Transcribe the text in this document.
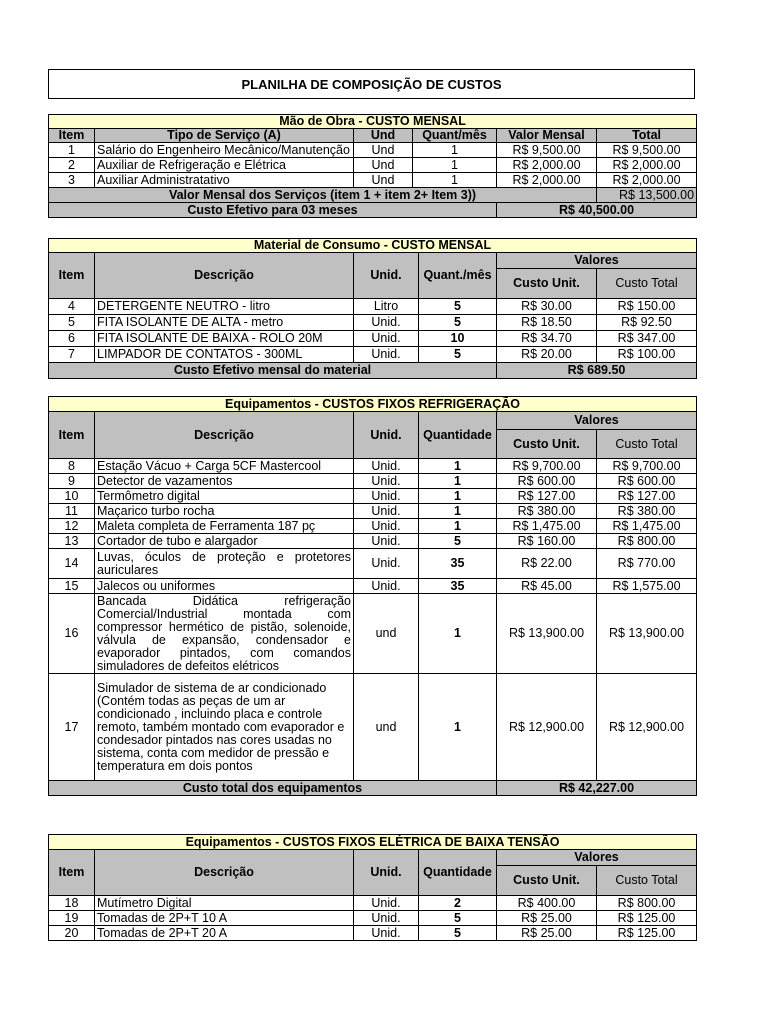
PLANILHA DE COMPOSIÇÃO DE CUSTOS
Mão de Obra - CUSTO MENSAL					
Item	Tipo de Serviço (A)	Und	Quant/mês	Valor Mensal	Total
1	Salário do Engenheiro Mecânico/Manutenção	Und	1	R$ 9,500.00	R$ 9,500.00
2	Auxiliar de Refrigeração e Elétrica	Und	1	R$ 2,000.00	R$ 2,000.00
3	Auxiliar Administratativo	Und	1	R$ 2,000.00	R$ 2,000.00
Valor Mensal dos Serviços (item 1 + item 2+ Item 3))					R$ 13,500.00
Custo Efetivo para 03 meses				R$ 40,500.00	
Material de Consumo - CUSTO MENSAL					
Item	Descrição	Unid.	Quant./mês	Valores	
				Custo Unit.	Custo Total
4	DETERGENTE NEUTRO - litro	Litro	5	R$ 30.00	R$ 150.00
5	FITA ISOLANTE DE ALTA - metro	Unid.	5	R$ 18.50	R$ 92.50
6	FITA ISOLANTE DE BAIXA - ROLO 20M	Unid.	10	R$ 34.70	R$ 347.00
7	LIMPADOR DE CONTATOS - 300ML	Unid.	5	R$ 20.00	R$ 100.00
Custo Efetivo mensal do material				R$ 689.50	
Equipamentos - CUSTOS FIXOS REFRIGERAÇÃO					
Item	Descrição	Unid.	Quantidade	Valores	
				Custo Unit.	Custo Total
8	Estação Vácuo + Carga 5CF Mastercool	Unid.	1	R$ 9,700.00	R$ 9,700.00
9	Detector de vazamentos	Unid.	1	R$ 600.00	R$ 600.00
10	Termômetro digital	Unid.	1	R$ 127.00	R$ 127.00
11	Maçarico turbo rocha	Unid.	1	R$ 380.00	R$ 380.00
12	Maleta completa de Ferramenta 187 pç	Unid.	1	R$ 1,475.00	R$ 1,475.00
13	Cortador de tubo e alargador	Unid.	5	R$ 160.00	R$ 800.00
14	Luvas, óculos de proteção e protetores auriculares	Unid.	35	R$ 22.00	R$ 770.00
15	Jalecos ou uniformes	Unid.	35	R$ 45.00	R$ 1,575.00
16	Bancada Didática refrigeração Comercial/Industrial montada com compressor hermético de pistão, solenoide, válvula de expansão, condensador e evaporador pintados, com comandos simuladores de defeitos elétricos	und	1	R$ 13,900.00	R$ 13,900.00
17	Simulador de sistema de ar condicionado (Contém todas as peças de um ar condicionado , incluindo placa e controle remoto, também montado com evaporador e condesador pintados nas cores usadas no sistema, conta com medidor de pressão e temperatura em dois pontos	und	1	R$ 12,900.00	R$ 12,900.00
Custo total dos equipamentos				R$ 42,227.00	
Equipamentos - CUSTOS FIXOS ELÉTRICA DE BAIXA TENSÃO					
Item	Descrição	Unid.	Quantidade	Valores	
				Custo Unit.	Custo Total
18	Mutímetro Digital	Unid.	2	R$ 400.00	R$ 800.00
19	Tomadas de 2P+T 10 A	Unid.	5	R$ 25.00	R$ 125.00
20	Tomadas de 2P+T 20 A	Unid.	5	R$ 25.00	R$ 125.00
